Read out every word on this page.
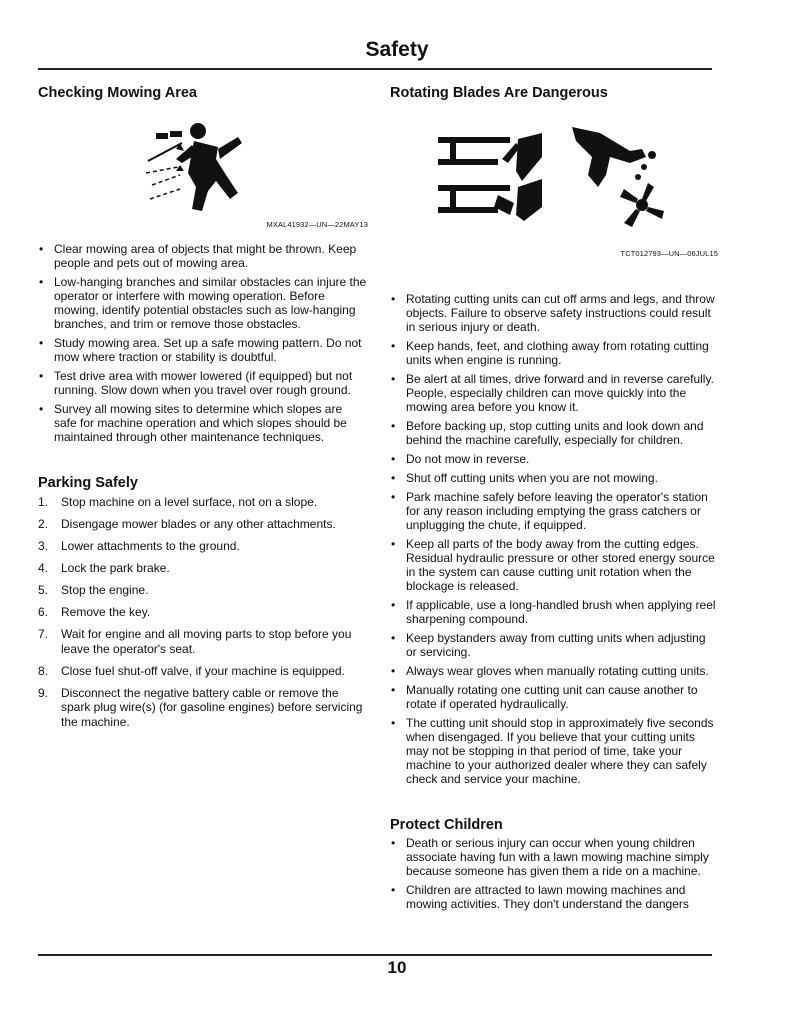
Safety
Checking Mowing Area
MXAL41932—UN—22MAY13
• Clear mowing area of objects that might be thrown. Keep people and pets out of mowing area.
• Low-hanging branches and similar obstacles can injure the operator or interfere with mowing operation. Before mowing, identify potential obstacles such as low-hanging branches, and trim or remove those obstacles.
• Study mowing area. Set up a safe mowing pattern. Do not mow where traction or stability is doubtful.
• Test drive area with mower lowered (if equipped) but not running. Slow down when you travel over rough ground.
• Survey all mowing sites to determine which slopes are safe for machine operation and which slopes should be maintained through other maintenance techniques.
Parking Safely
1. Stop machine on a level surface, not on a slope.
2. Disengage mower blades or any other attachments.
3. Lower attachments to the ground.
4. Lock the park brake.
5. Stop the engine.
6. Remove the key.
7. Wait for engine and all moving parts to stop before you leave the operator's seat.
8. Close fuel shut-off valve, if your machine is equipped.
9. Disconnect the negative battery cable or remove the spark plug wire(s) (for gasoline engines) before servicing the machine.
Rotating Blades Are Dangerous
TCT012793—UN—06JUL15
• Rotating cutting units can cut off arms and legs, and throw objects. Failure to observe safety instructions could result in serious injury or death.
• Keep hands, feet, and clothing away from rotating cutting units when engine is running.
• Be alert at all times, drive forward and in reverse carefully. People, especially children can move quickly into the mowing area before you know it.
• Before backing up, stop cutting units and look down and behind the machine carefully, especially for children.
• Do not mow in reverse.
• Shut off cutting units when you are not mowing.
• Park machine safely before leaving the operator's station for any reason including emptying the grass catchers or unplugging the chute, if equipped.
• Keep all parts of the body away from the cutting edges. Residual hydraulic pressure or other stored energy source in the system can cause cutting unit rotation when the blockage is released.
• If applicable, use a long-handled brush when applying reel sharpening compound.
• Keep bystanders away from cutting units when adjusting or servicing.
• Always wear gloves when manually rotating cutting units.
• Manually rotating one cutting unit can cause another to rotate if operated hydraulically.
• The cutting unit should stop in approximately five seconds when disengaged. If you believe that your cutting units may not be stopping in that period of time, take your machine to your authorized dealer where they can safely check and service your machine.
Protect Children
• Death or serious injury can occur when young children associate having fun with a lawn mowing machine simply because someone has given them a ride on a machine.
• Children are attracted to lawn mowing machines and mowing activities. They don't understand the dangers
10
